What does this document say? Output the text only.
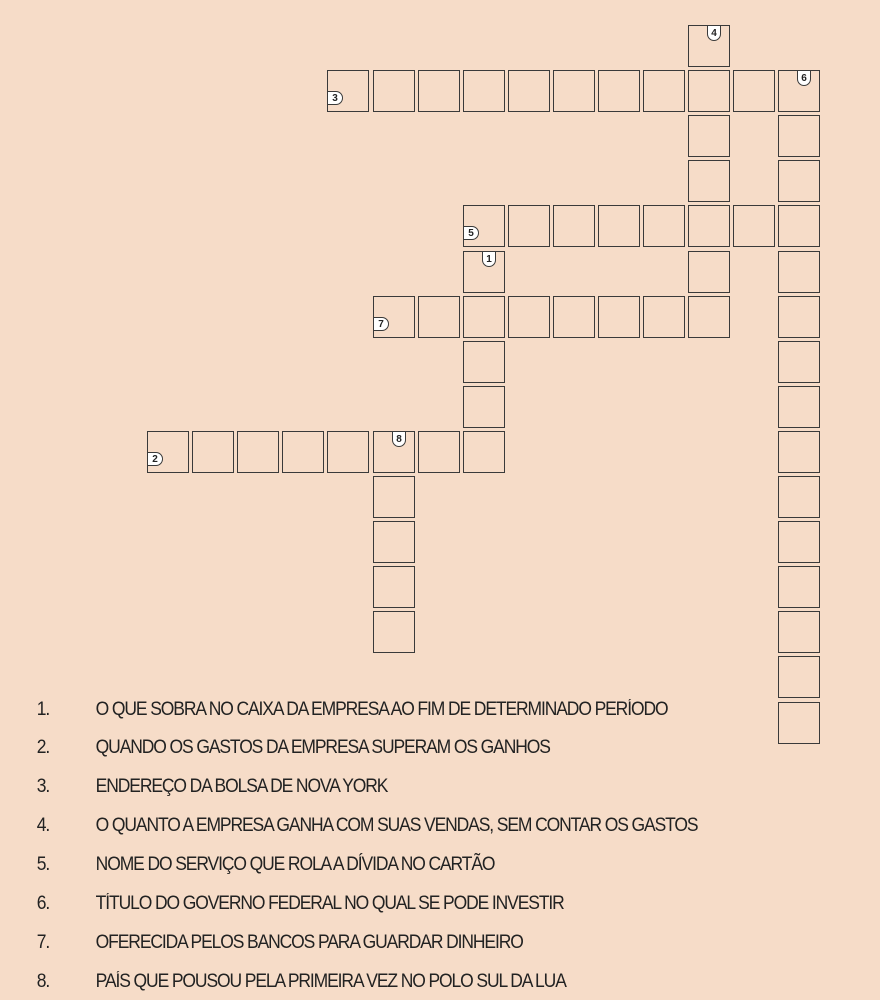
4
3
6
5
7
1
2
8
1. O QUE SOBRA NO CAIXA DA EMPRESA AO FIM DE DETERMINADO PERÍODO
2. QUANDO OS GASTOS DA EMPRESA SUPERAM OS GANHOS
3. ENDEREÇO DA BOLSA DE NOVA YORK
4. O QUANTO A EMPRESA GANHA COM SUAS VENDAS, SEM CONTAR OS GASTOS
5. NOME DO SERVIÇO QUE ROLA A DÍVIDA NO CARTÃO
6. TÍTULO DO GOVERNO FEDERAL NO QUAL SE PODE INVESTIR
7. OFERECIDA PELOS BANCOS PARA GUARDAR DINHEIRO
8. PAÍS QUE POUSOU PELA PRIMEIRA VEZ NO POLO SUL DA LUA
